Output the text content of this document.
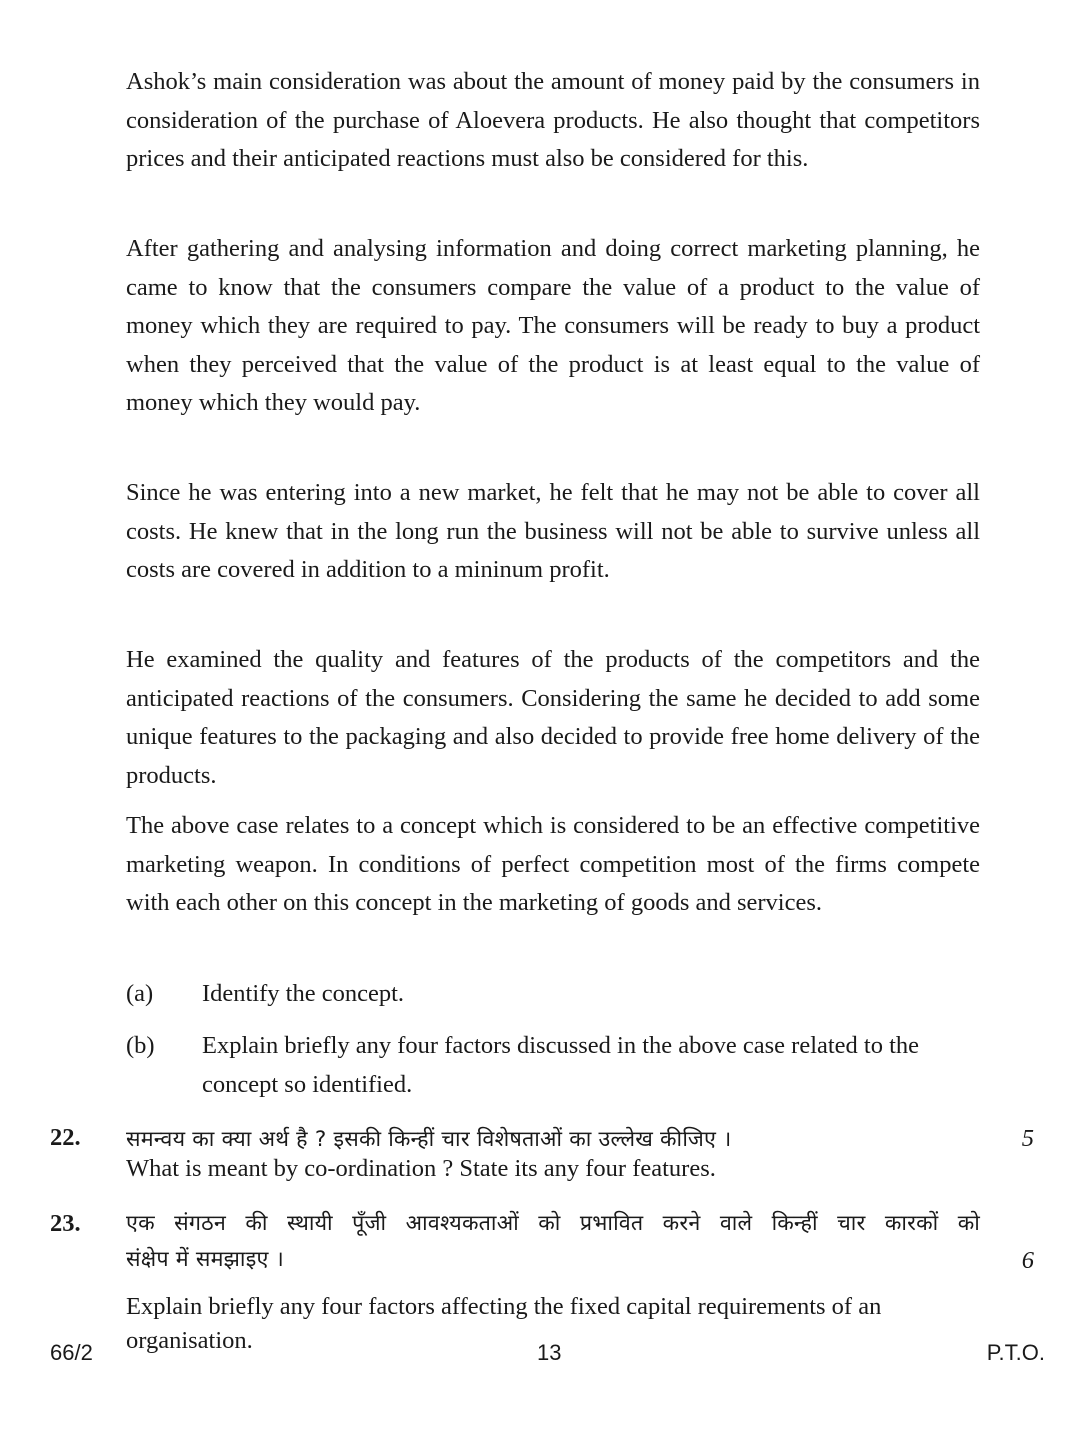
Ashok’s main consideration was about the amount of money paid by the consumers in consideration of the purchase of Aloevera products. He also thought that competitors prices and their anticipated reactions must also be considered for this.

After gathering and analysing information and doing correct marketing planning, he came to know that the consumers compare the value of a product to the value of money which they are required to pay. The consumers will be ready to buy a product when they perceived that the value of the product is at least equal to the value of money which they would pay.

Since he was entering into a new market, he felt that he may not be able to cover all costs. He knew that in the long run the business will not be able to survive unless all costs are covered in addition to a mininum profit.

He examined the quality and features of the products of the competitors and the anticipated reactions of the consumers. Considering the same he decided to add some unique features to the packaging and also decided to provide free home delivery of the products.

The above case relates to a concept which is considered to be an effective competitive marketing weapon. In conditions of perfect competition most of the firms compete with each other on this concept in the marketing of goods and services.

(a) Identify the concept.
(b) Explain briefly any four factors discussed in the above case related to the concept so identified.
22. समन्वय का क्या अर्थ है ? इसकी किन्हीं चार विशेषताओं का उल्लेख कीजिए ।
What is meant by co-ordination ? State its any four features.
5
23. एक संगठन की स्थायी पूँजी आवश्यकताओं को प्रभावित करने वाले किन्हीं चार कारकों को
संक्षेप में समझाइए ।	6
Explain briefly any four factors affecting the fixed capital requirements of an organisation.
66/2	13	P.T.O.
